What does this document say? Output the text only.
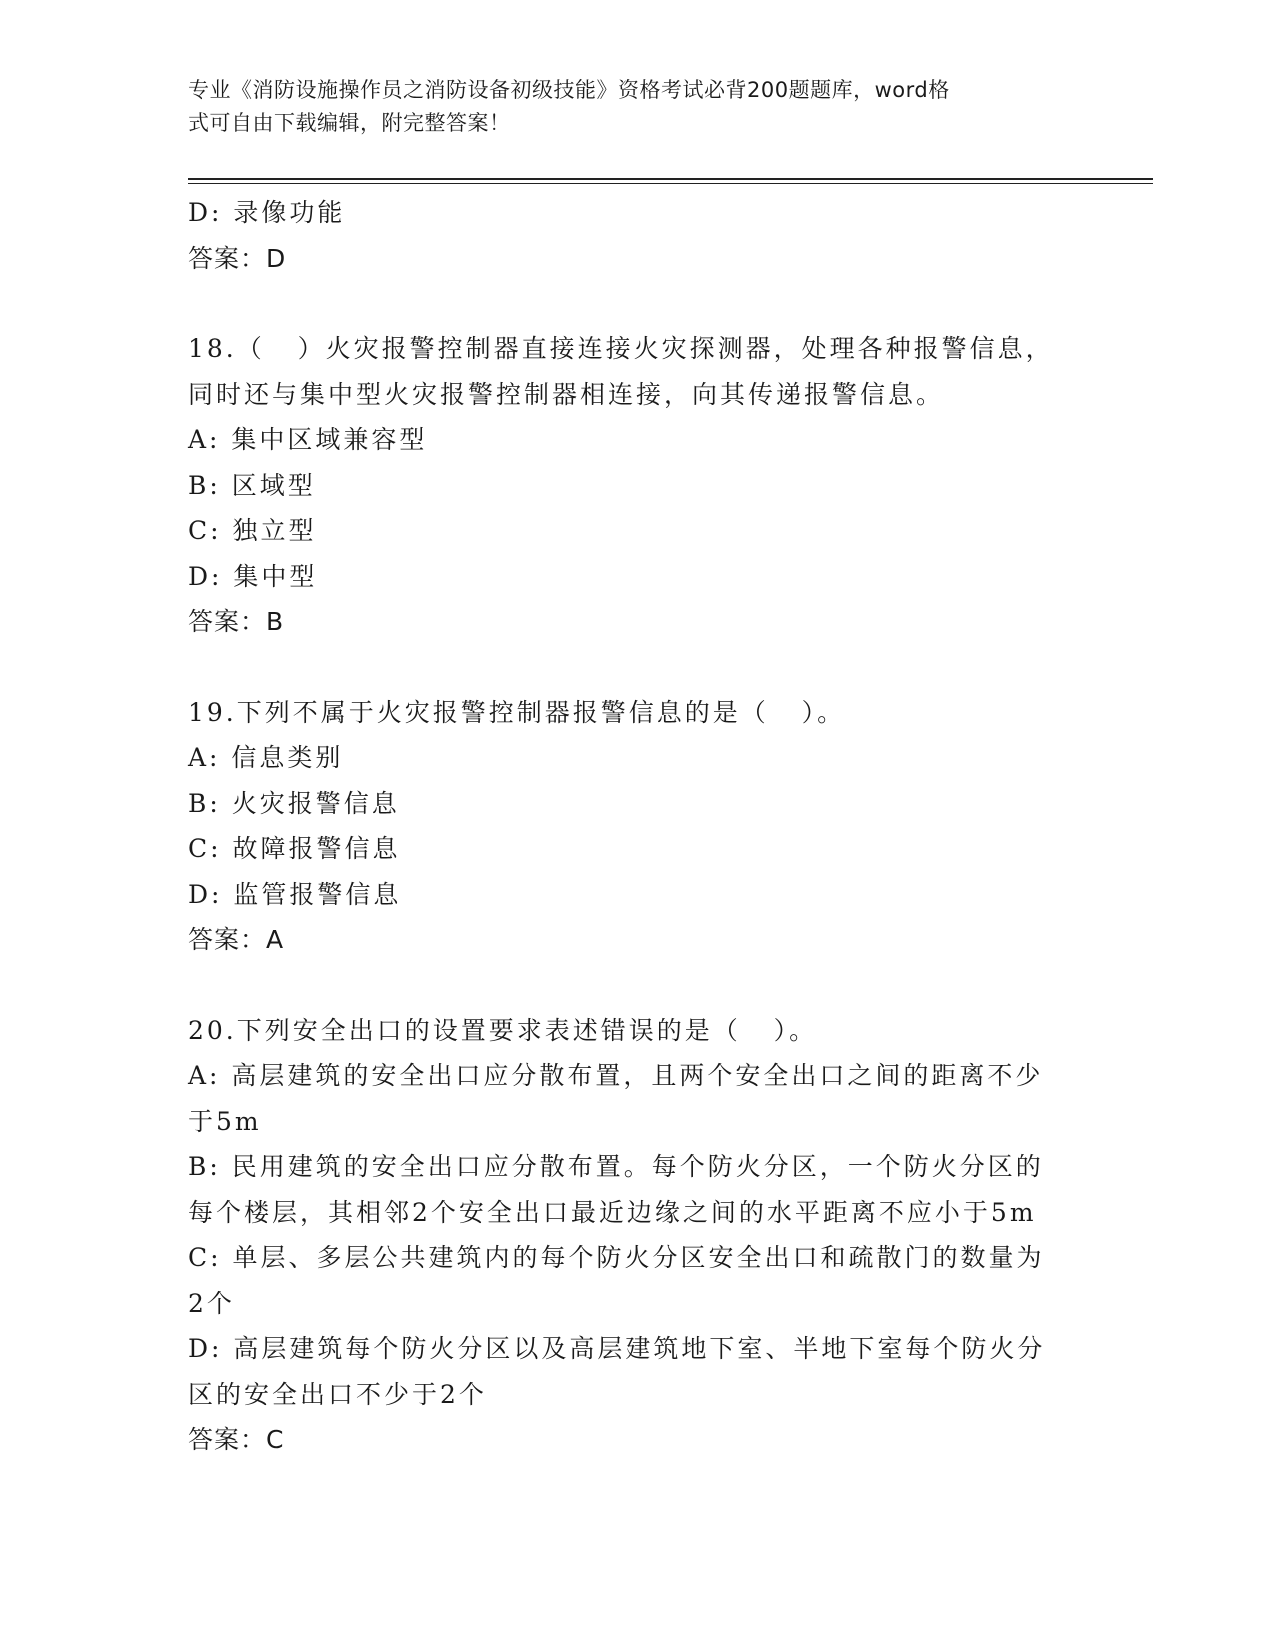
专业《消防设施操作员之消防设备初级技能》资格考试必背200题题库，word格
式可自由下载编辑，附完整答案！

D: 录像功能

答案：D

18.（   ）火灾报警控制器直接连接火灾探测器，处理各种报警信息，

同时还与集中型火灾报警控制器相连接，向其传递报警信息。

A: 集中区域兼容型

B: 区域型

C: 独立型

D: 集中型

答案：B

19.下列不属于火灾报警控制器报警信息的是（   ）。

A: 信息类别

B: 火灾报警信息

C: 故障报警信息

D: 监管报警信息

答案：A

20.下列安全出口的设置要求表述错误的是（   ）。

A: 高层建筑的安全出口应分散布置，且两个安全出口之间的距离不少

于5m

B: 民用建筑的安全出口应分散布置。每个防火分区，一个防火分区的

每个楼层，其相邻2个安全出口最近边缘之间的水平距离不应小于5m

C: 单层、多层公共建筑内的每个防火分区安全出口和疏散门的数量为

2个

D: 高层建筑每个防火分区以及高层建筑地下室、半地下室每个防火分

区的安全出口不少于2个

答案：C
